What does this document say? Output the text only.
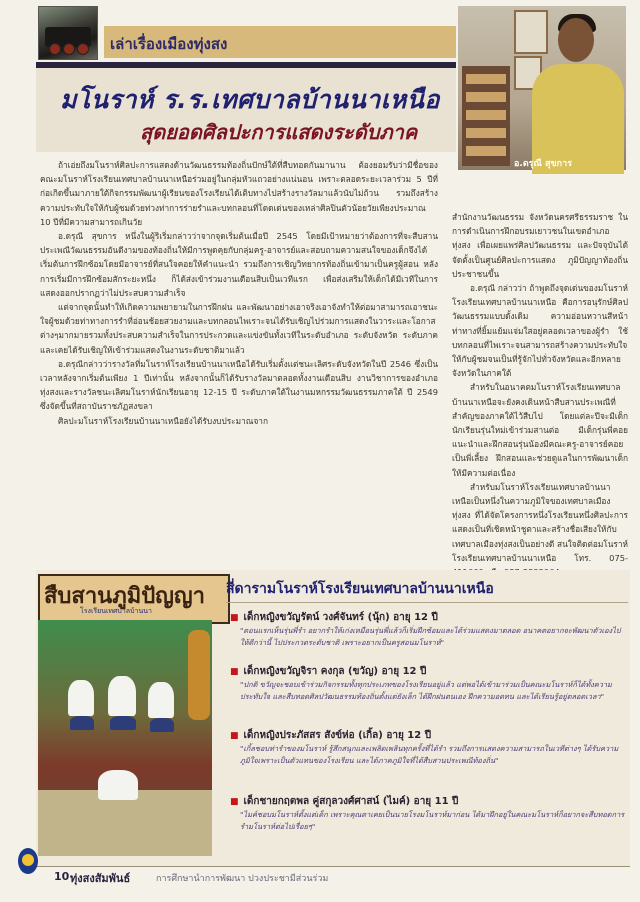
เล่าเรื่องเมืองทุ่งสง
มโนราห์ ร.ร.เทศบาลบ้านนาเหนือ
สุดยอดศิลปะการแสดงระดับภาค
อ.ดรุณี สุขการ

ถ้าเอ่ยถึงมโนราห์ศิลปะการแสดงด้านวัฒนธรรมท้องถิ่นปักษ์ใต้ที่สืบทอดกันมานาน ต้องยอมรับว่ามีชื่อของคณะมโนราห์โรงเรียนเทศบาลบ้านนาเหนือร่วมอยู่ในกลุ่มหัวแถวอย่างแน่นอน เพราะตลอดระยะเวลาร่วม 5 ปีที่ก่อเกิดขึ้นมาภายใต้กิจกรรมพัฒนาผู้เรียนของโรงเรียนได้เติบทางไปสร้างรางวัลมาแล้วนับไม่ถ้วน รวมถึงสร้างความประทับใจให้กับผู้ชมด้วยท่วงท่าการร่ายรำและบทกลอนที่โดดเด่นของเหล่าศิลปินตัวน้อยวัยเพียงประมาณ 10 ปีที่มีความสามารถเกินวัย

อ.ดรุณี สุขการ หนึ่งในผู้ริเริ่มกล่าวว่าจากจุดเริ่มต้นเมื่อปี 2545 โดยมีเป้าหมายว่าต้องการที่จะสืบสานประเพณีวัฒนธรรมอันดีงามของท้องถิ่นให้มีการพูดคุยกับกลุ่มครู-อาจารย์และสอบถามความสนใจของเด็กจึงได้เริ่มต้นการฝึกซ้อมโดยมีอาจารย์ที่สนใจคอยให้คำแนะนำ รวมถึงการเชิญวิทยากรท้องถิ่นเข้ามาเป็นครูผู้สอน หลังการเริ่มมีการฝึกซ้อมสักระยะหนึ่ง ก็ได้ส่งเข้าร่วมงานเดือนสิบเป็นเวทีแรก เพื่อส่งเสริมให้เด็กได้มีเวทีในการแสดงออกปรากฏว่าไม่ประสบความสำเร็จ

แต่จากจุดนั้นทำให้เกิดความพยายามในการฝึกฝน และพัฒนาอย่างเอาจริงเอาจังทำให้ต่อมาสามารถเอาชนะใจผู้ชมด้วยท่าทางการรำที่อ่อนช้อยสวยงามและบทกลอนไพเราะจนได้รับเชิญไปร่วมการแสดงในวาระและโอกาสต่างๆมากมายรวมทั้งประสบความสำเร็จในการประกวดและแข่งขันทั้งเวทีในระดับอำเภอ ระดับจังหวัด ระดับภาคและเคยได้รับเชิญให้เข้าร่วมแสดงในงานระดับชาติมาแล้ว

อ.ดรุณีกล่าวว่ารางวัลที่มโนราห์โรงเรียนบ้านนาเหนือได้รับเริ่มตั้งแต่ชนะเลิศระดับจังหวัดในปี 2546 ซึ่งเป็นเวลาหลังจากเริ่มต้นเพียง 1 ปีเท่านั้น หลังจากนั้นก็ได้รับรางวัลมาตลอดทั้งงานเดือนสิบ งานวิชาการของอำเภอทุ่งสงและรางวัลชนะเลิศมโนราห์นักเรียนอายุ 12-15 ปี ระดับภาคใต้ในงานมหกรรมวัฒนธรรมภาคใต้ ปี 2549 ซึ่งจัดขึ้นที่สถาบันราชภัฏสงขลา

ศิลปะมโนราห์โรงเรียนบ้านนาเหนือยังได้รับงบประมาณจาก

สำนักงานวัฒนธรรม จังหวัดนครศรีธรรมราช ในการดำเนินการฝึกอบรมเยาวชนในเขตอำเภอทุ่งสง เพื่อเผยแพร่ศิลปวัฒนธรรม และปัจจุบันได้จัดตั้งเป็นศูนย์ศิลปะการแสดง ภูมิปัญญาท้องถิ่นประชาชนขึ้น

อ.ดรุณี กล่าวว่า ถ้าพูดถึงจุดเด่นของมโนราห์โรงเรียนเทศบาลบ้านนาเหนือ คือการอนุรักษ์ศิลปวัฒนธรรมแบบดั้งเดิม ความอ่อนหวานสีหน้าท่าทางที่ยิ้มแย้มแจ่มใสอยู่ตลอดเวลาของผู้รำ ใช้บทกลอนที่ไพเราะจนสามารถสร้างความประทับใจให้กับผู้ชมจนเป็นที่รู้จักไปทั่วจังหวัดและอีกหลายจังหวัดในภาคใต้

สำหรับในอนาคตมโนราห์โรงเรียนเทศบาลบ้านนาเหนือจะยังคงเดินหน้าสืบสานประเพณีที่สำคัญของภาคใต้ไว้สืบไป โดยแต่ละปีจะมีเด็กนักเรียนรุ่นใหม่เข้าร่วมสานต่อ มีเด็กรุ่นพี่คอยแนะนำและฝึกสอนรุ่นน้องมีคณะครู-อาจารย์คอยเป็นพี่เลี้ยง ฝึกสอนและช่วยดูแลในการพัฒนาเด็กให้มีความต่อเนื่อง

สำหรับมโนราห์โรงเรียนเทศบาลบ้านนาเหนือเป็นหนึ่งในความภูมิใจของเทศบาลเมืองทุ่งสง ที่ได้จัดโครงการหนึ่งโรงเรียนหนึ่งศิลปะการแสดงเป็นที่เชิดหน้าชูตาและสร้างชื่อเสียงให้กับเทศบาลเมืองทุ่งสงเป็นอย่างดี สนใจติดต่อมโนราห์โรงเรียนเทศบาลบ้านนาเหนือ โทร. 075-

สืบสานภูมิปัญญา
โรงเรียนเทศบาลบ้านนา
สี่ดารามโนราห์โรงเรียนเทศบาลบ้านนาเหนือ
■ เด็กหญิงขวัญรัตน์ วงศ์จันทร์ (นุ้ก) อายุ 12 ปี
"ตอนแรกเห็นรุ่นพี่รำ อยากรำให้เก่งเหมือนรุ่นพี่แล้วก็เริ่มฝึกซ้อมและได้ร่วมแสดงมาตลอด อนาคตอยากจะพัฒนาตัวเองไปให้ดีกว่านี้ ไปประกวดระดับชาติ เพราะอยากเป็นครูสอนมโนราห์"
■ เด็กหญิงขวัญจิรา คงกุล (ขวัญ) อายุ 12 ปี
"ปกติ ขวัญจะชอบเข้าร่วมกิจกรรมทั้งทุกประเภทของโรงเรียนอยู่แล้ว แต่พอได้เข้ามาร่วมเป็นคณะมโนราห์ก็ได้ทั้งความประทับใจ และสืบทอดศิลปวัฒนธรรมท้องถิ่นตั้งแต่ยังเล็ก ได้ฝึกฝนตนเอง ฝึกความอดทน และได้เรียนรู้อยู่ตลอดเวลา"
■ เด็กหญิงประภัสสร สังข์ห่อ (เกิ้ล) อายุ 12 ปี
"เกิ้ลชอบท่ารำของมโนราห์ รู้สึกสนุกและเพลิดเพลินทุกครั้งที่ได้รำ รวมถึงการแสดงความสามารถในเวทีต่างๆ ได้รับความภูมิใจเพราะเป็นตัวแทนของโรงเรียน และได้ภาคภูมิใจที่ได้สืบสานประเพณีท้องถิ่น"
■ เด็กชายกฤตพล คู่สกุลวงศ์ศาสน์ (ไมค์) อายุ 11 ปี
"ไมค์ชอบมโนราห์ตั้งแต่เด็ก เพราะคุณตาเคยเป็นนายโรงมโนราห์มาก่อน ได้มาฝึกอยู่ในคณะมโนราห์ก็อยากจะสืบทอดการรำมโนราห์ต่อไปเรื่อยๆ"
10 ทุ่งสงสัมพันธ์	การศึกษานำการพัฒนา ปวงประชามีส่วนร่วม
